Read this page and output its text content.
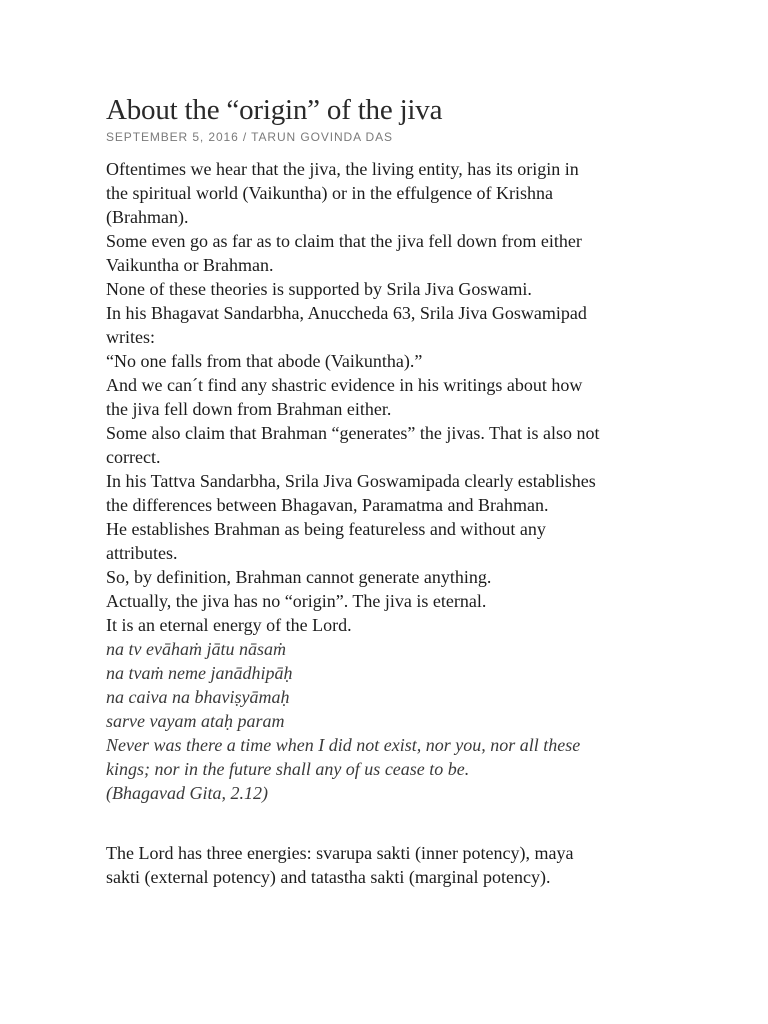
About the “origin” of the jiva
SEPTEMBER 5, 2016 / TARUN GOVINDA DAS
Oftentimes we hear that the jiva, the living entity, has its origin in
the spiritual world (Vaikuntha) or in the effulgence of Krishna
(Brahman).
Some even go as far as to claim that the jiva fell down from either
Vaikuntha or Brahman.
None of these theories is supported by Srila Jiva Goswami.
In his Bhagavat Sandarbha, Anuccheda 63, Srila Jiva Goswamipad
writes:
“No one falls from that abode (Vaikuntha).”
And we can´t find any shastric evidence in his writings about how
the jiva fell down from Brahman either.
Some also claim that Brahman “generates” the jivas. That is also not
correct.
In his Tattva Sandarbha, Srila Jiva Goswamipada clearly establishes
the differences between Bhagavan, Paramatma and Brahman.
He establishes Brahman as being featureless and without any
attributes.
So, by definition, Brahman cannot generate anything.
Actually, the jiva has no “origin”. The jiva is eternal.
It is an eternal energy of the Lord.
na tv evāhaṁ jātu nāsaṁ
na tvaṁ neme janādhipāḥ
na caiva na bhaviṣyāmaḥ
sarve vayam ataḥ param
Never was there a time when I did not exist, nor you, nor all these
kings; nor in the future shall any of us cease to be.
(Bhagavad Gita, 2.12)
The Lord has three energies: svarupa sakti (inner potency), maya
sakti (external potency) and tatastha sakti (marginal potency).
